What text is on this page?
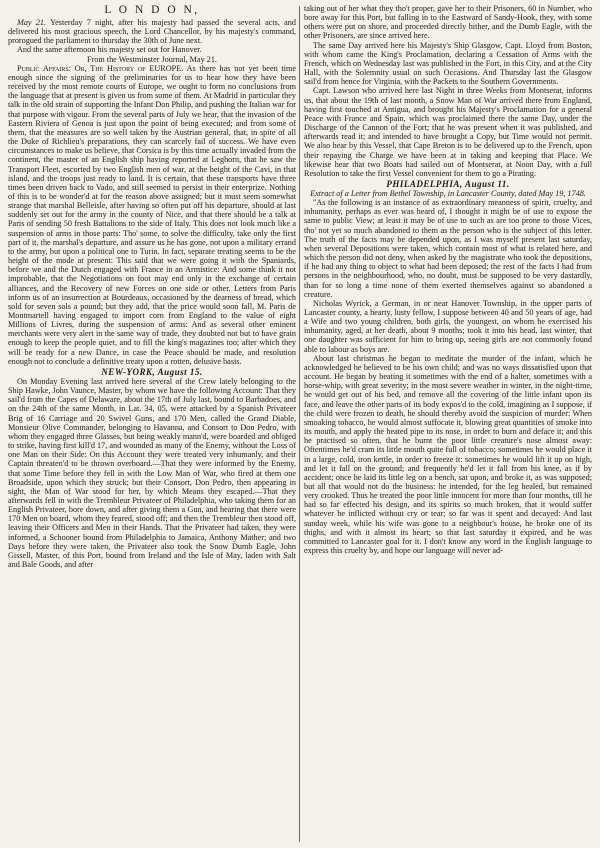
L O N D O N,

May 21. Yesterday 7 night, after his majesty had passed the several acts, and delivered his most gracious speech, the Lord Chancellor, by his majesty's command, prorogued the parliament to thursday the 30th of June next.

And the same afternoon his majesty set out for Hanover.

From the Westminster Journal, May 21.

Public Affairs: Or, The History of EUROPE. As there has not yet been time enough since the signing of the preliminaries for us to hear how they have been received by the most remote courts of Europe, we ought to form no conclusions from the language that at present is given us from some of them. At Madrid in particular they talk in the old strain of supporting the Infant Don Philip, and pushing the Italian war for that purpose with vigour. From the several parts of July we hear, that the invasion of the Eastern Riviera of Genoa is just upon the point of being executed; and from some of them, that the measures are so well taken by the Austrian general, that, in spite of all the Duke of Richlieu's preparations, they can scarcely fail of success. We have even circumstances to make us believe, that Corsica is by this time actually invaded from the continent, the master of an English ship having reported at Leghorn, that he saw the Transport Fleet, escorted by two English men of war, at the height of the Cavi, in that island, and the troops just ready to land. It is certain, that these transports have three times been driven back to Vado, and still seemed to persist in their enterprize. Nothing of this is to be wonder'd at for the reason above assigned; but it must seem somewhat strange that marshal Belleisle, after having so often put off his departure, should at last suddenly set out for the army in the county of Nice, and that there should be a talk at Paris of sending 50 fresh Battalions to the side of Italy. This does not look much like a suspension of arms in those parts: Tho' some, to solve the difficulty, take only the first part of it, the marshal's departure, and assure us he has gone, not upon a military errand to the army, but upon a political one to Turin. In fact, separate treating seems to be the height of the mode at present: This said that we were going it with the Spaniards, before we and the Dutch engaged with France in an Armistice: And some think it not improbable, that the Negotiations on foot may end only in the exchange of certain alliances, and the Recovery of new Forces on one side or other. Letters from Paris inform us of an insurrection at Bourdeaux, occasioned by the dearness of bread, which sold for seven sols a pound; but they add, that the price would soon fall, M. Paris de Montmartell having engaged to import corn from England to the value of eight Millions of Livres, during the suspension of arms: And as several other eminent merchants were very alert in the same way of trade, they doubted not but to have grain enough to keep the people quiet, and to fill the king's magazines too; after which they will be ready for a new Dance, in case the Peace should be made, and resolution enough not to conclude a definitive treaty upon a rotten, delusive basis.

NEW-YORK, August 15.

On Monday Evening last arrived here several of the Crew lately belonging to the Ship Hawke, John Vaunce, Master, by whom we have the following Account: That they sail'd from the Capes of Delaware, about the 17th of July last, bound to Barbadoes, and on the 24th of the same Month, in Lat. 34, 05, were attacked by a Spanish Privateer Brig of 16 Carriage and 20 Swivel Guns, and 170 Men, called the Grand Diable, Monsieur Olive Commander, belonging to Havanna, and Consort to Don Pedro, with whom they engaged three Glasses, but being weakly mann'd, were boarded and obliged to strike, having first kill'd 17, and wounded as many of the Enemy, without the Loss of one Man on their Side: On this Account they were treated very inhumanly, and their Captain threaten'd to be thrown overboard.—That they were informed by the Enemy, that some Time before they fell in with the Low Man of War, who fired at them one Broadside, upon which they struck; but their Consort, Don Pedro, then appearing in sight, the Man of War stood for her, by which Means they escaped.—That they afterwards fell in with the Trembleur Privateer of Philadelphia, who taking them for an English Privateer, bore down, and after giving them a Gun, and hearing that there were 170 Men on board, whom they feared, stood off; and then the Trembleur then stood off, leaving their Officers and Men in their Hands. That the Privateer had taken, they were informed, a Schooner bound from Philadelphia to Jamaica, Anthony Mather; and two Days before they were taken, the Privateer also took the Snow Dumb Eagle, John Gissell, Master, of this Port, bound from Ireland and the Isle of May, laden with Salt and Bale Goods, and after

taking out of her what they tho't proper, gave her to their Prisoners, 60 in Number, who bore away for this Port, but falling in to the Eastward of Sandy-Hook, they, with some others were put on shore, and proceeded directly hither, and the Dumb Eagle, with the other Prisoners, are since arrived here.

The same Day arrived here his Majesty's Ship Glasgow, Capt. Lloyd from Boston, with whom came the King's Proclamation, declaring a Cessation of Arms with the French, which on Wednesday last was published in the Fort, in this City, and at the City Hall, with the Solemnity usual on such Occasions. And Thursday last the Glasgow sail'd from hence for Virginia, with the Packets to the Southern Governments.

Capt. Lawson who arrived here last Night in three Weeks from Montserat, informs us, that about the 19th of last month, a Snow Man of War arrived there from England, having first touched at Antigua, and brought his Majesty's Proclamation for a general Peace with France and Spain, which was proclaimed there the same Day, under the Discharge of the Cannon of the Fort; that he was present when it was published, and afterwards read it; and intended to have brought a Copy, but Time would not permit. We also hear by this Vessel, that Cape Breton is to be delivered up to the French, upon their repaying the Charge we have been at in taking and keeping that Place. We likewise hear that two Boats had sailed out of Montserat, at Noon Day, with a full Resolution to take the first Vessel convenient for them to go a Pirating.

PHILADELPHIA, August 11.

Extract of a Letter from Bethel Township, in Lancaster County, dated May 19, 1748.

"As the following is an instance of as extraordinary meanness of spirit, cruelty, and inhumanity, perhaps as ever was heard of, I thought it might be of use to expose the same to public View; at least it may be of use to such as are too prone to those Vices, tho' not yet so much abandoned to them as the person who is the subject of this letter. The truth of the facts may be depended upon, as I was myself present last saturday, when several Depositions were taken, which contain most of what is related here, and which the person did not deny, when asked by the magistrate who took the depositions, if he had any thing to object to what had been deposed; the rest of the facts I had from persons in the neighbourhood, who, no doubt, must be supposed to be very dastardly, than for so long a time none of them exerted themselves against so abandoned a creature.

Nicholas Wyrick, a German, in or near Hanover Township, in the upper parts of Lancaster county, a hearty, lusty fellow, I suppose between 40 and 50 years of age, had a Wife and two young children, both girls, the youngest, on whom he exercised his inhumanity, aged, at her death, about 9 months; took it into his head, last winter, that one daughter was sufficient for him to bring up, seeing girls are not commonly found able to labour as boys are.

About last christmas he began to meditate the murder of the infant, which he acknowledged he believed to be his own child; and was no ways dissatisfied upon that account. He began by beating it sometimes with the end of a halter, sometimes with a horse-whip, with great severity; in the most severe weather in winter, in the night-time, he would get out of his bed, and remove all the covering of the little infant upon its face, and leave the other parts of its body expos'd to the cold, imagining as I suppose, if the child were frozen to death, he should thereby avoid the suspicion of murder: When smoaking tobacco, he would almost suffocate it, blowing great quantities of smoke into its mouth, and apply the heated pipe to its nose, in order to burn and deface it; and this he practised so often, that he burnt the poor little creature's nose almost away: Oftentimes he'd cram its little mouth quite full of tobacco; sometimes he would place it in a large, cold, iron kettle, in order to freeze it: sometimes he would lift it up on high, and let it fall on the ground; and frequently he'd let it fall from his knee, as if by accident; once he laid its little leg on a bench, sat upon, and broke it, as was supposed; but all that would not do the business: he intended, for the leg healed, but remained very crooked. Thus he treated the poor little innocent for more than four months, till he had so far effected his design, and its spirits so much broken, that it would suffer whatever he inflicted without cry or tear; so far was it spent and decayed: And last sunday week, while his wife was gone to a neighbour's house, he broke one of its thighs, and with it almost its heart; so that last saturday it expired, and he was committed to Lancaster goal for it. I don't know any word in the English language to express this cruelty by, and hope our language will never ad-
